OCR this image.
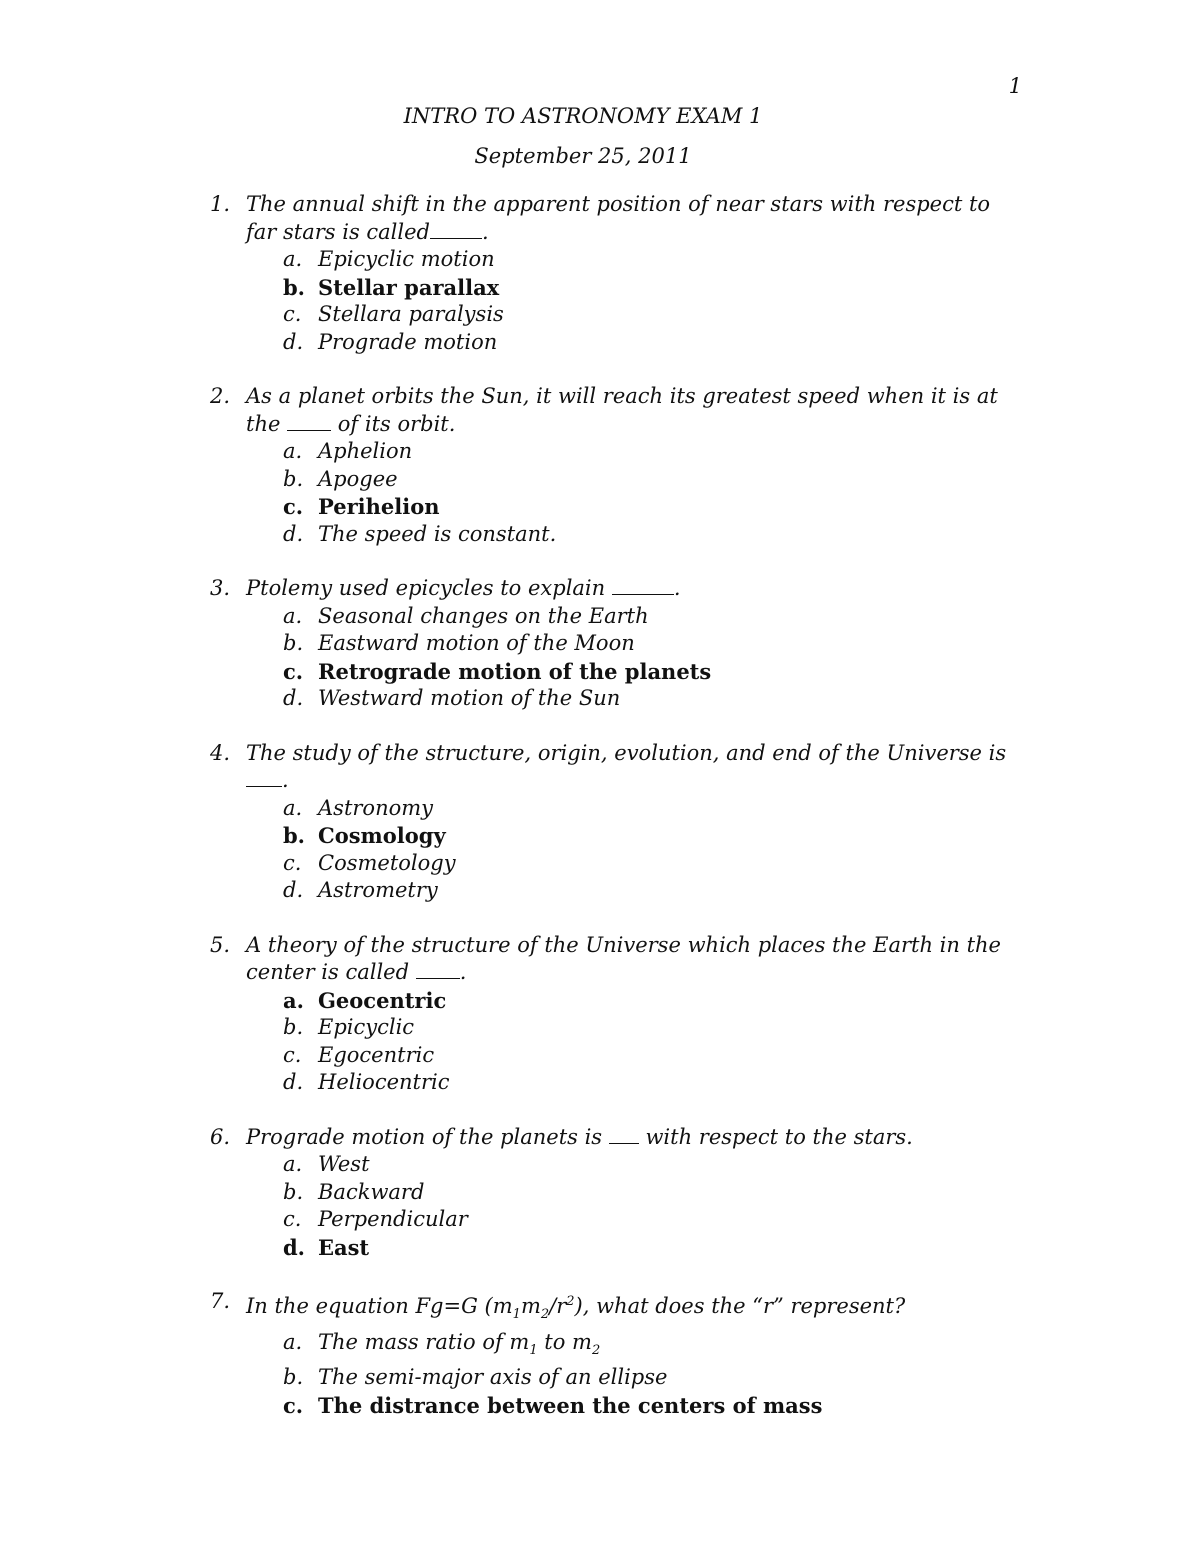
1
INTRO TO ASTRONOMY EXAM 1
September 25, 2011
1. The annual shift in the apparent position of near stars with respect to far stars is called .
a. Epicyclic motion
b. Stellar parallax
c. Stellara paralysis
d. Prograde motion
2. As a planet orbits the Sun, it will reach its greatest speed when it is at the  of its orbit.
a. Aphelion
b. Apogee
c. Perihelion
d. The speed is constant.
3. Ptolemy used epicycles to explain	.
a. Seasonal changes on the Earth
b. Eastward motion of the Moon
c. Retrograde motion of the planets
d. Westward motion of the Sun
4. The study of the structure, origin, evolution, and end of the Universe is .
a. Astronomy
b. Cosmology
c. Cosmetology
d. Astrometry
5. A theory of the structure of the Universe which places the Earth in the center is called .
a. Geocentric
b. Epicyclic
c. Egocentric
d. Heliocentric
6. Prograde motion of the planets is  with respect to the stars.
a. West
b. Backward
c. Perpendicular
d. East
7. In the equation Fg=G $(m_1m_2/r^2)$, what does the “r” represent?
a. The mass ratio of $m_1$ to $m_2$
b. The semi-major axis of an ellipse
c. The distrance between the centers of mass
